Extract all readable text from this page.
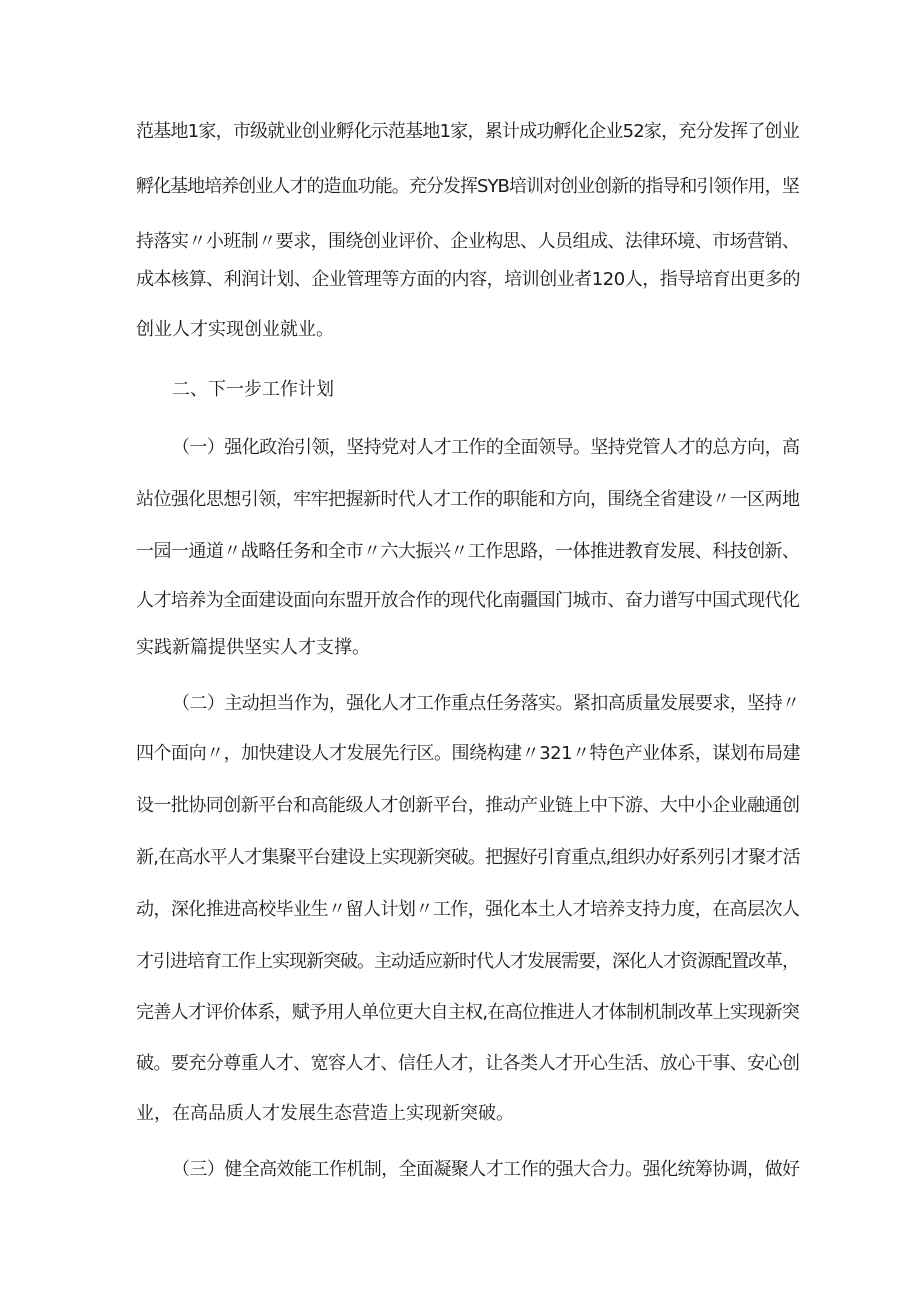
范基地1家，市级就业创业孵化示范基地1家，累计成功孵化企业52家，充分发挥了创业
孵化基地培养创业人才的造血功能。充分发挥SYB培训对创业创新的指导和引领作用，坚
持落实〃小班制〃要求，围绕创业评价、企业构思、人员组成、法律环境、市场营销、
成本核算、利润计划、企业管理等方面的内容，培训创业者120人，指导培育出更多的
创业人才实现创业就业。
二、下一步工作计划
（一）强化政治引领，坚持党对人才工作的全面领导。坚持党管人才的总方向，高
站位强化思想引领，牢牢把握新时代人才工作的职能和方向，围绕全省建设〃一区两地
一园一通道〃战略任务和全市〃六大振兴〃工作思路，一体推进教育发展、科技创新、
人才培养为全面建设面向东盟开放合作的现代化南疆国门城市、奋力谱写中国式现代化
实践新篇提供坚实人才支撑。
（二）主动担当作为，强化人才工作重点任务落实。紧扣高质量发展要求，坚持〃
四个面向〃，加快建设人才发展先行区。围绕构建〃321〃特色产业体系，谋划布局建
设一批协同创新平台和高能级人才创新平台，推动产业链上中下游、大中小企业融通创
新,在高水平人才集聚平台建设上实现新突破。把握好引育重点,组织办好系列引才聚才活
动，深化推进高校毕业生〃留人计划〃工作，强化本土人才培养支持力度，在高层次人
才引进培育工作上实现新突破。主动适应新时代人才发展需要，深化人才资源配置改革，
完善人才评价体系，赋予用人单位更大自主权,在高位推进人才体制机制改革上实现新突
破。要充分尊重人才、宽容人才、信任人才，让各类人才开心生活、放心干事、安心创
业，在高品质人才发展生态营造上实现新突破。
（三）健全高效能工作机制，全面凝聚人才工作的强大合力。强化统筹协调，做好
